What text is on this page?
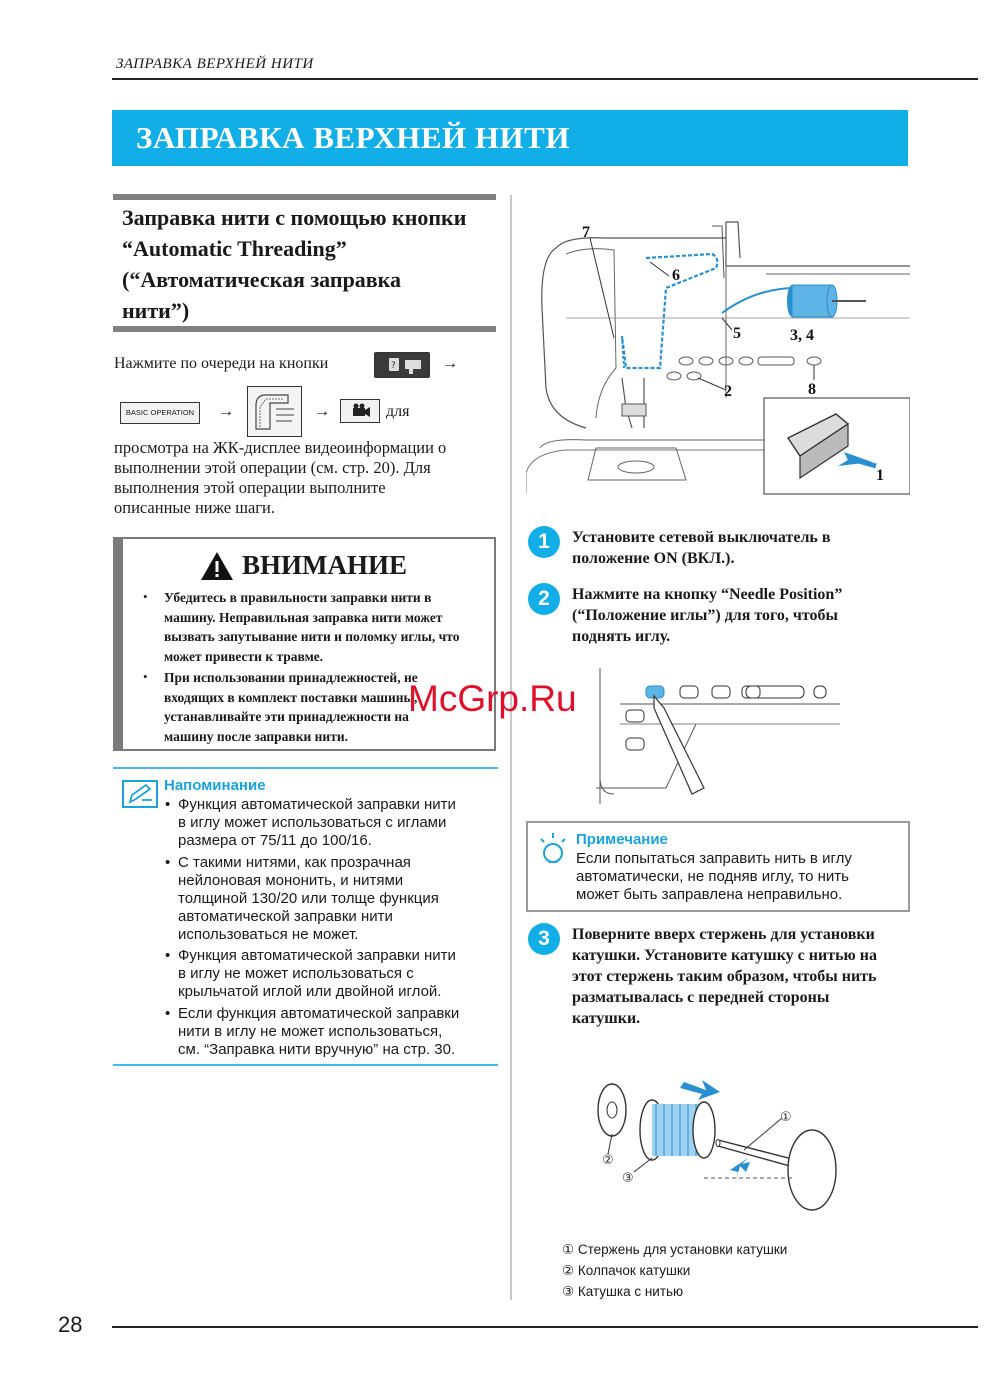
ЗАПРАВКА ВЕРХНЕЙ НИТИ
ЗАПРАВКА ВЕРХНЕЙ НИТИ
Заправка нити с помощью кнопки
“Automatic Threading”
(“Автоматическая заправка
нити”)
Нажмите по очереди на кнопки	?	→
BASIC OPERATION	→	→	для
просмотра на ЖК-дисплее видеоинформации о
выполнении этой операции (см. стр. 20). Для
выполнения этой операции выполните
описанные ниже шаги.
ВНИМАНИЕ
• Убедитесь в правильности заправки нити в
машину. Неправильная заправка нити может
вызвать запутывание нити и поломку иглы, что
может привести к травме.
• При использовании принадлежностей, не
входящих в комплект поставки машины,
устанавливайте эти принадлежности на
машину после заправки нити.
Напоминание
• Функция автоматической заправки нити
в иглу может использоваться с иглами
размера от 75/11 до 100/16.
• С такими нитями, как прозрачная
нейлоновая мононить, и нитями
толщиной 130/20 или толще функция
автоматической заправки нити
использоваться не может.
• Функция автоматической заправки нити
в иглу не может использоваться с
крыльчатой иглой или двойной иглой.
• Если функция автоматической заправки
нити в иглу не может использоваться,
см. “Заправка нити вручную” на стр. 30.
7
6
5	3, 4
2	8
1
1	Установите сетевой выключатель в
положение ON (ВКЛ.).
2	Нажмите на кнопку “Needle Position”
(“Положение иглы”) для того, чтобы
поднять иглу.
Примечание
Если попытаться заправить нить в иглу
автоматически, не подняв иглу, то нить
может быть заправлена неправильно.
3	Поверните вверх стержень для установки
катушки. Установите катушку с нитью на
этот стержень таким образом, чтобы нить
разматывалась с передней стороны
катушки.
①
②
③
① Стержень для установки катушки
② Колпачок катушки
③ Катушка с нитью
28
McGrp.Ru
